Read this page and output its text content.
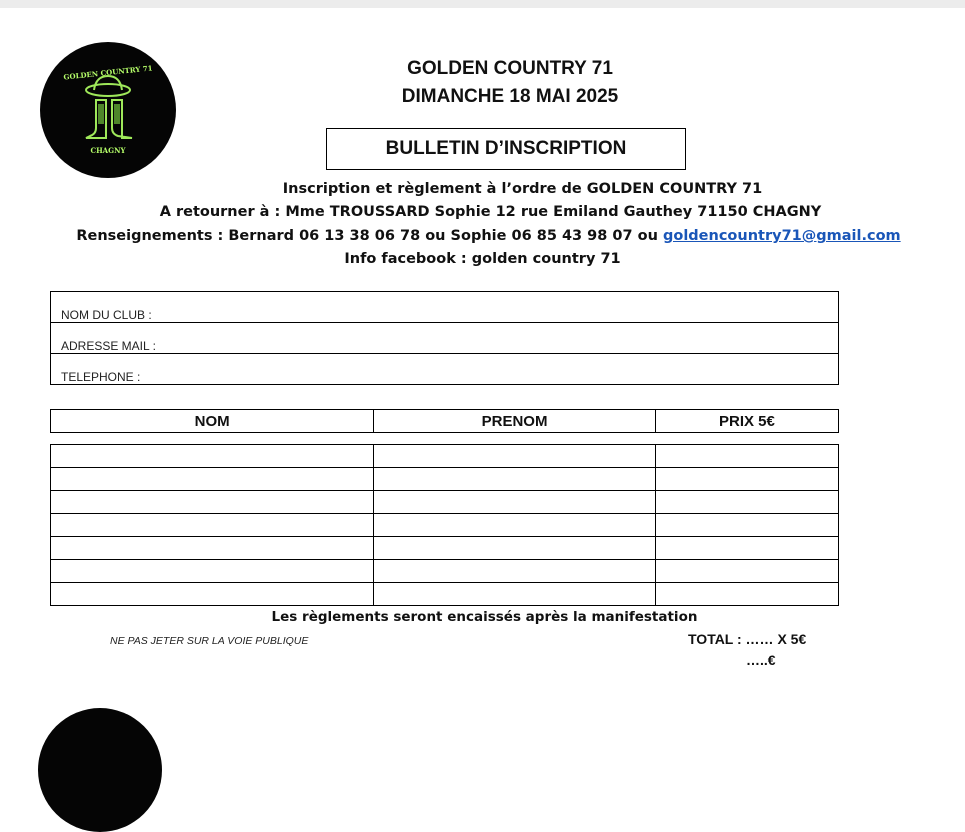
GOLDEN COUNTRY 71
CHAGNY
GOLDEN COUNTRY 71
DIMANCHE 18 MAI 2025
BULLETIN D’INSCRIPTION
Inscription et règlement à l’ordre de GOLDEN COUNTRY 71
A retourner à : Mme TROUSSARD Sophie 12 rue Emiland Gauthey 71150 CHAGNY
Renseignements : Bernard 06 13 38 06 78 ou Sophie 06 85 43 98 07 ou goldencountry71@gmail.com
Info facebook : golden country 71
NOM DU CLUB :
ADRESSE MAIL :
TELEPHONE :
NOM	PRENOM	PRIX 5€

Les règlements seront encaissés après la manifestation
NE PAS JETER SUR LA VOIE PUBLIQUE	TOTAL : …… X 5€
…..€
